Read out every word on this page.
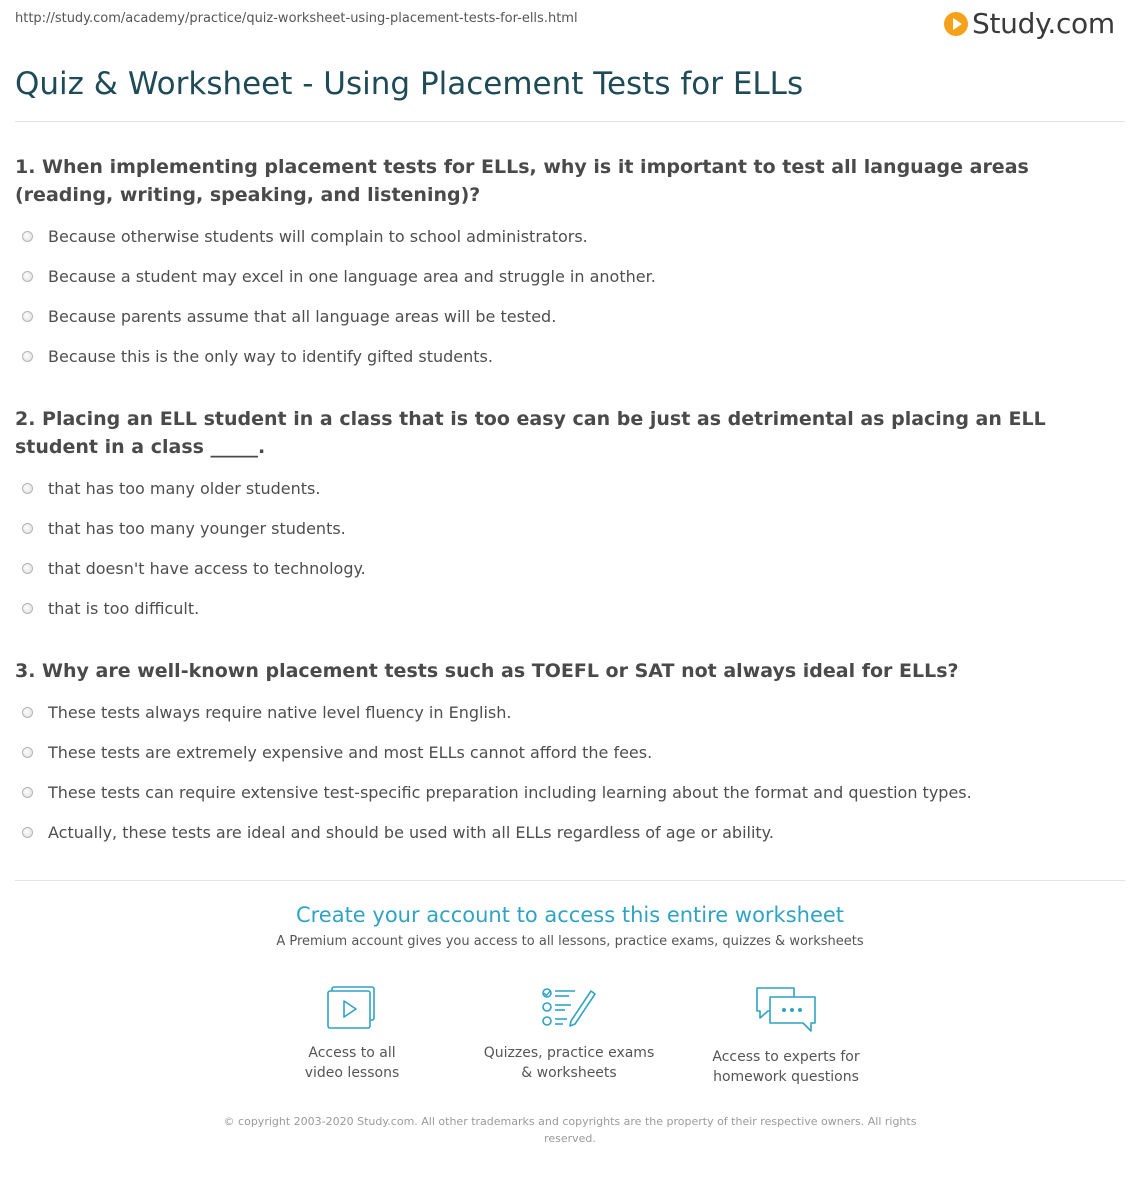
http://study.com/academy/practice/quiz-worksheet-using-placement-tests-for-ells.html	Study.com
Quiz & Worksheet - Using Placement Tests for ELLs
1. When implementing placement tests for ELLs, why is it important to test all language areas (reading, writing, speaking, and listening)?
Because otherwise students will complain to school administrators.
Because a student may excel in one language area and struggle in another.
Because parents assume that all language areas will be tested.
Because this is the only way to identify gifted students.
2. Placing an ELL student in a class that is too easy can be just as detrimental as placing an ELL student in a class _____.
that has too many older students.
that has too many younger students.
that doesn't have access to technology.
that is too difficult.
3. Why are well-known placement tests such as TOEFL or SAT not always ideal for ELLs?
These tests always require native level fluency in English.
These tests are extremely expensive and most ELLs cannot afford the fees.
These tests can require extensive test-specific preparation including learning about the format and question types.
Actually, these tests are ideal and should be used with all ELLs regardless of age or ability.
Create your account to access this entire worksheet
A Premium account gives you access to all lessons, practice exams, quizzes & worksheets
Access to all
video lessons
Quizzes, practice exams
& worksheets
Access to experts for
homework questions
© copyright 2003-2020 Study.com. All other trademarks and copyrights are the property of their respective owners. All rights reserved.
